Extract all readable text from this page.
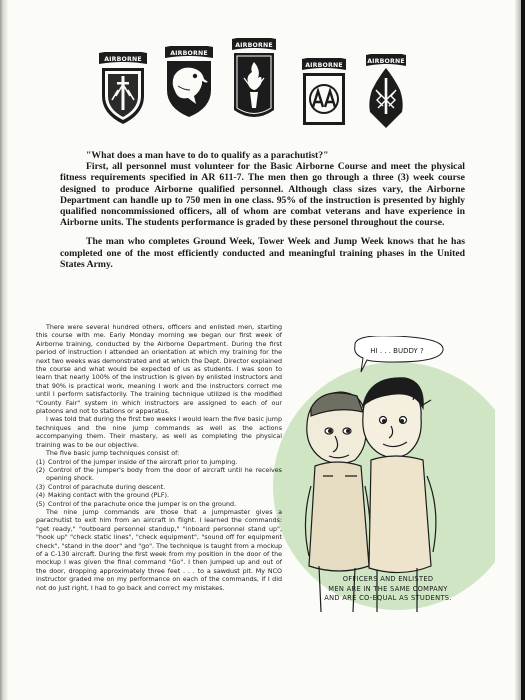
AIRBORNE
AIRBORNE
AIRBORNE
AIRBORNE
AIRBORNE

"What does a man have to do to qualify as a parachutist?"

First, all personnel must volunteer for the Basic Airborne Course and meet the physical fitness requirements specified in AR 611-7. The men then go through a three (3) week course designed to produce Airborne qualified personnel. Although class sizes vary, the Airborne Department can handle up to 750 men in one class. 95% of the instruction is presented by highly qualified noncommissioned officers, all of whom are combat veterans and have experience in Airborne units. The students performance is graded by these personel throughout the course.

The man who completes Ground Week, Tower Week and Jump Week knows that he has completed one of the most efficiently conducted and meaningful training phases in the United States Army.

HI . . . BUDDY ?
OFFICERS AND ENLISTED
MEN ARE IN THE SAME COMPANY
AND ARE CO-EQUAL AS STUDENTS.

There were several hundred others, officers and enlisted men, starting this course with me. Early Monday morning we began our first week of Airborne training, conducted by the Airborne Department. During the first period of instruction I attended an orientation at which my training for the next two weeks was demonstrated and at which the Dept. Director explained the course and what would be expected of us as students. I was soon to learn that nearly 100% of the instruction is given by enlisted instructors and that 90% is practical work, meaning I work and the instructors correct me until I perform satisfactorily. The training technique utilized is the modified "County Fair" system in which instructors are assigned to each of our platoons and not to stations or apparatus.

I was told that during the first two weeks I would learn the five basic jump techniques and the nine jump commands as well as the actions accompanying them. Their mastery, as well as completing the physical training was to be our objective.

The five basic jump techniques consist of:

(1) Control of the jumper inside of the aircraft prior to jumping.

(2) Control of the jumper's body from the door of aircraft until he receives opening shock.

(3) Control of parachute during descent.

(4) Making contact with the ground (PLF).

(5) Control of the parachute once the jumper is on the ground.

The nine jump commands are those that a jumpmaster gives a parachutist to exit him from an aircraft in flight. I learned the commands: "get ready," "outboard personnel standup," "inboard personnel stand up", "hook up" "check static lines", "check equipment", "sound off for equipment check", "stand in the door" and "go". The technique is taught from a mockup of a C-130 aircraft. During the first week from my position in the door of the mockup I was given the final command "Go". I then jumped up and out of the door, dropping approximately three feet . . . to a sawdust pit. My NCO instructor graded me on my performance on each of the commands, if I did not do just right, I had to go back and correct my mistakes.
